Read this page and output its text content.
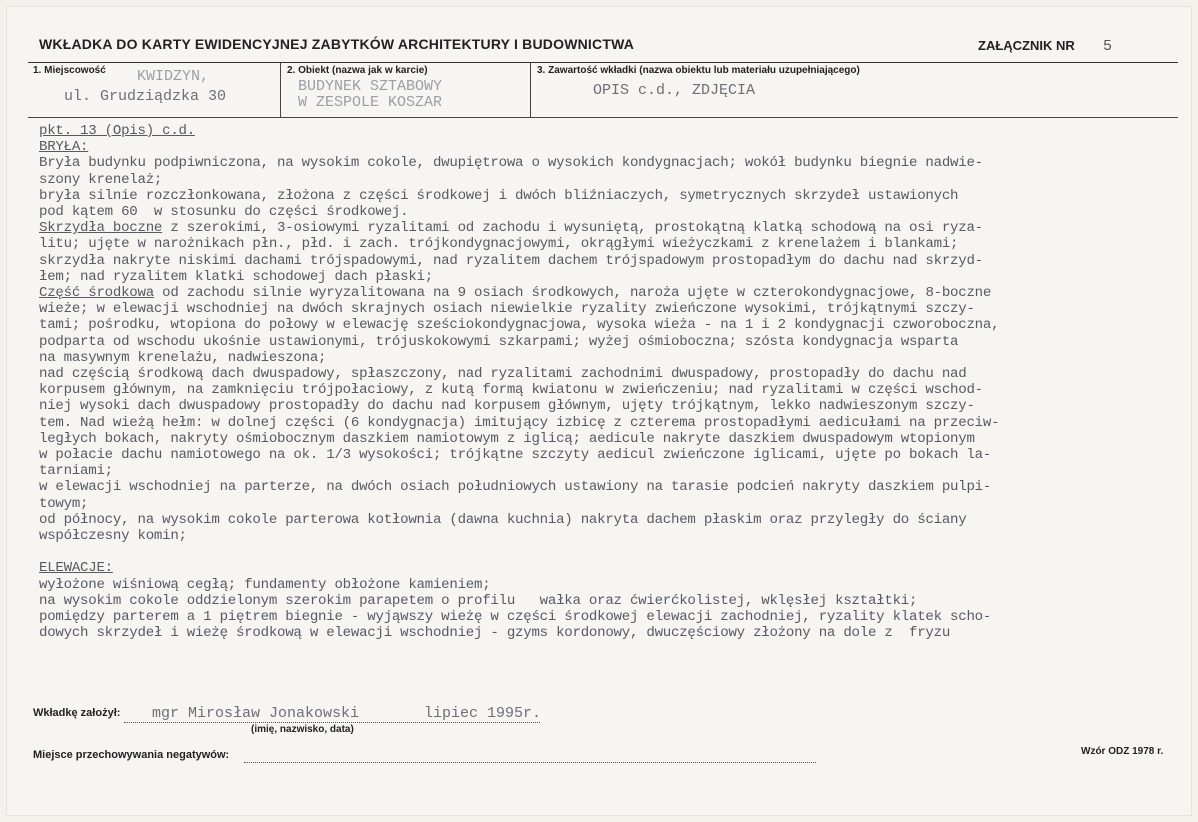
WKŁADKA DO KARTY EWIDENCYJNEJ ZABYTKÓW ARCHITEKTURY I BUDOWNICTWA	ZAŁĄCZNIK NR 5
1. Miejscowość KWIDZYN,
ul. Grudziądzka 30
2. Obiekt (nazwa jak w karcie)
BUDYNEK SZTABOWY
W ZESPOLE KOSZAR
3. Zawartość wkładki (nazwa obiektu lub materiału uzupełniającego)
OPIS c.d., ZDJĘCIA
pkt. 13 (Opis) c.d.
BRYŁA:
Bryła budynku podpiwniczona, na wysokim cokole, dwupiętrowa o wysokich kondygnacjach; wokół budynku biegnie nadwie-
szony krenelaż;
bryła silnie rozczłonkowana, złożona z części środkowej i dwóch bliźniaczych, symetrycznych skrzydeł ustawionych
pod kątem 60  w stosunku do części środkowej.
Skrzydła boczne z szerokimi, 3-osiowymi ryzalitami od zachodu i wysuniętą, prostokątną klatką schodową na osi ryza-
litu; ujęte w narożnikach płn., płd. i zach. trójkondygnacjowymi, okrągłymi wieżyczkami z krenelażem i blankami;
skrzydła nakryte niskimi dachami trójspadowymi, nad ryzalitem dachem trójspadowym prostopadłym do dachu nad skrzyd-
łem; nad ryzalitem klatki schodowej dach płaski;
Część środkowa od zachodu silnie wyryzalitowana na 9 osiach środkowych, naroża ujęte w czterokondygnacjowe, 8-boczne
wieże; w elewacji wschodniej na dwóch skrajnych osiach niewielkie ryzality zwieńczone wysokimi, trójkątnymi szczy-
tami; pośrodku, wtopiona do połowy w elewację sześciokondygnacjowa, wysoka wieża - na 1 i 2 kondygnacji czworoboczna,
podparta od wschodu ukośnie ustawionymi, trójuskokowymi szkarpami; wyżej ośmioboczna; szósta kondygnacja wsparta
na masywnym krenelażu, nadwieszona;
nad częścią środkową dach dwuspadowy, spłaszczony, nad ryzalitami zachodnimi dwuspadowy, prostopadły do dachu nad
korpusem głównym, na zamknięciu trójpołaciowy, z kutą formą kwiatonu w zwieńczeniu; nad ryzalitami w części wschod-
niej wysoki dach dwuspadowy prostopadły do dachu nad korpusem głównym, ujęty trójkątnym, lekko nadwieszonym szczy-
tem. Nad wieżą hełm: w dolnej części (6 kondygnacja) imitujący izbicę z czterema prostopadłymi aedicułami na przeciw-
ległych bokach, nakryty ośmiobocznym daszkiem namiotowym z iglicą; aedicule nakryte daszkiem dwuspadowym wtopionym
w połacie dachu namiotowego na ok. 1/3 wysokości; trójkątne szczyty aedicul zwieńczone iglicami, ujęte po bokach la-
tarniami;
w elewacji wschodniej na parterze, na dwóch osiach południowych ustawiony na tarasie podcień nakryty daszkiem pulpi-
towym;
od północy, na wysokim cokole parterowa kotłownia (dawna kuchnia) nakryta dachem płaskim oraz przyległy do ściany
współczesny komin;

ELEWACJE:
wyłożone wiśniową cegłą; fundamenty obłożone kamieniem;
na wysokim cokole oddzielonym szerokim parapetem o profilu   wałka oraz ćwierćkolistej, wklęsłej kształtki;
pomiędzy parterem a 1 piętrem biegnie - wyjąwszy wieżę w części środkowej elewacji zachodniej, ryzality klatek scho-
dowych skrzydeł i wieżę środkową w elewacji wschodniej - gzyms kordonowy, dwuczęściowy złożony na dole z  fryzu
Wkładkę założył: mgr Mirosław Jonakowski	lipiec 1995r.
(imię, nazwisko, data)
Miejsce przechowywania negatywów:	Wzór ODZ 1978 r.
